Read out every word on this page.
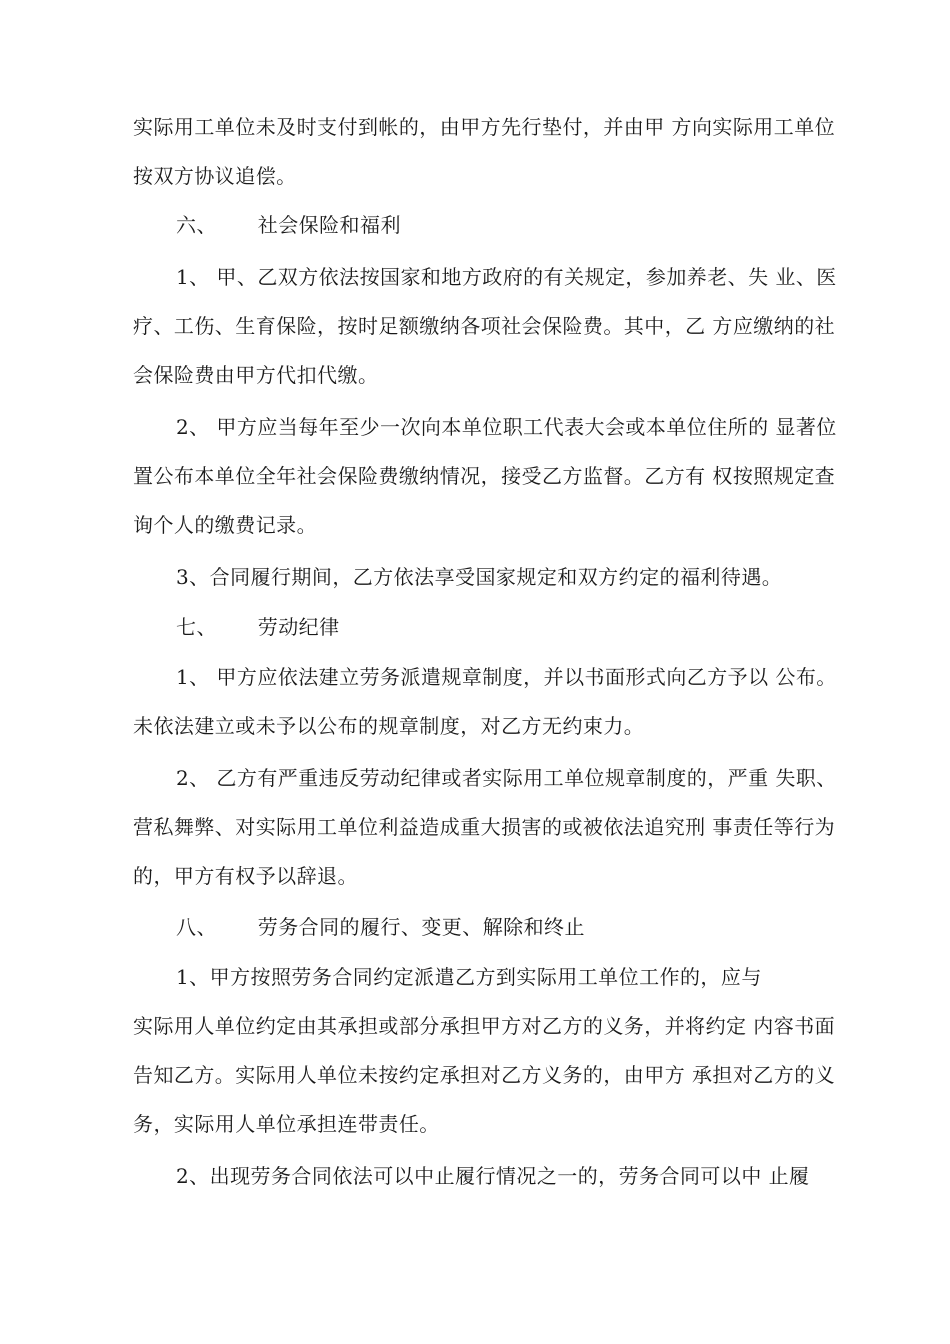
实际用工单位未及时支付到帐的，由甲方先行垫付，并由甲 方向实际用工单位
按双方协议追偿。
六、      社会保险和福利
1、 甲、乙双方依法按国家和地方政府的有关规定，参加养老、失 业、医
疗、工伤、生育保险，按时足额缴纳各项社会保险费。其中，乙 方应缴纳的社
会保险费由甲方代扣代缴。
2、 甲方应当每年至少一次向本单位职工代表大会或本单位住所的 显著位
置公布本单位全年社会保险费缴纳情况，接受乙方监督。乙方有 权按照规定查
询个人的缴费记录。
3、合同履行期间，乙方依法享受国家规定和双方约定的福利待遇。
七、      劳动纪律
1、 甲方应依法建立劳务派遣规章制度，并以书面形式向乙方予以 公布。
未依法建立或未予以公布的规章制度，对乙方无约束力。
2、 乙方有严重违反劳动纪律或者实际用工单位规章制度的，严重 失职、
营私舞弊、对实际用工单位利益造成重大损害的或被依法追究刑 事责任等行为
的，甲方有权予以辞退。
八、      劳务合同的履行、变更、解除和终止
1、甲方按照劳务合同约定派遣乙方到实际用工单位工作的，应与
实际用人单位约定由其承担或部分承担甲方对乙方的义务，并将约定 内容书面
告知乙方。实际用人单位未按约定承担对乙方义务的，由甲方 承担对乙方的义
务，实际用人单位承担连带责任。
2、出现劳务合同依法可以中止履行情况之一的，劳务合同可以中 止履
